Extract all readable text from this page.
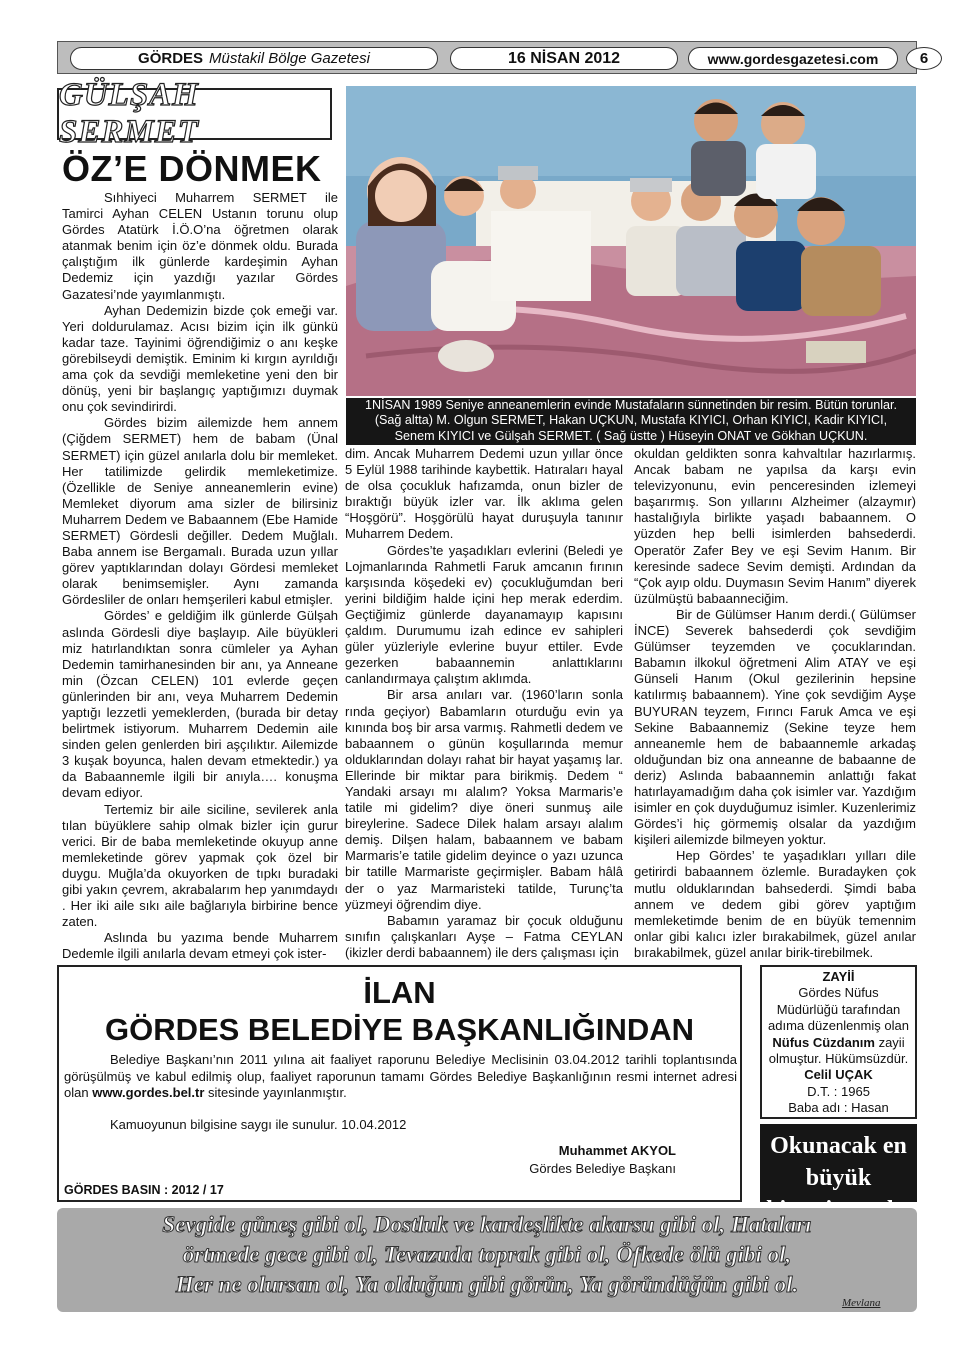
GÖRDES Müstakil Bölge Gazetesi	16 NİSAN 2012	www.gordesgazetesi.com	6
GÜLŞAH SERMET
ÖZ’E DÖNMEK

Sıhhiyeci Muharrem SERMET ile Tamirci Ayhan CELEN Ustanın torunu olup Gördes Atatürk İ.Ö.O’na öğretmen olarak atanmak benim için öz’e dönmek oldu. Burada çalıştığım ilk günlerde kardeşimin Ayhan Dedemiz için yazdığı yazılar Gördes Gazatesi’nde yayımlanmıştı.

Ayhan Dedemizin bizde çok emeği var. Yeri doldurulamaz. Acısı bizim için ilk günkü kadar taze. Tayinimi öğrendiğimiz o anı keşke görebilseydi demiştik. Eminim ki kırgın ayrıldığı ama çok da sevdiği memleketine yeni den bir dönüş, yeni bir başlangıç yaptığımızı duymak onu çok sevindirirdi.

Gördes bizim ailemizde hem annem (Çiğdem SERMET) hem de babam (Ünal SERMET) için güzel anılarla dolu bir memleket. Her tatilimizde gelirdik memleketimize. (Özellikle de Seniye anneanemlerin evine) Memleket diyorum ama sizler de bilirsiniz Muharrem Dedem ve Babaannem (Ebe Hamide SERMET) Gördesli değiller. Dedem Muğlalı. Baba annem ise Bergamalı. Burada uzun yıllar görev yaptıklarından dolayı Gördesi memleket olarak benimsemişler. Aynı zamanda Gördesliler de onları hemşerileri kabul etmişler.

Gördes’ e geldiğim ilk günlerde Gülşah aslında Gördesli diye başlayıp. Aile büyükleri miz hatırlandıktan sonra cümleler ya Ayhan Dedemin tamirhanesinden bir anı, ya Anneane min (Özcan CELEN) 101 evlerde geçen günlerinden bir anı, veya Muharrem Dedemin yaptığı lezzetli yemeklerden, (burada bir detay belirtmek istiyorum. Muharrem Dedemin aile sinden gelen genlerden biri aşçılıktır. Ailemizde 3 kuşak boyunca, halen devam etmektedir.) ya da Babaannemle ilgili bir anıyla…. konuşma devam ediyor.

Tertemiz bir aile siciline, sevilerek anla tılan büyüklere sahip olmak bizler için gurur verici. Bir de baba memleketinde okuyup anne memleketinde görev yapmak çok özel bir duygu. Muğla’da okuyorken de tıpkı buradaki gibi yakın çevrem, akrabalarım hep yanımdaydı . Her iki aile sıkı aile bağlarıyla birbirine bence zaten.

Aslında bu yazıma bende Muharrem Dedemle ilgili anılarla devam etmeyi çok ister-

1NİSAN 1989 Seniye anneanemlerin evinde Mustafaların sünnetinden bir resim. Bütün torunlar.
(Sağ altta) M. Olgun SERMET, Hakan UÇKUN, Mustafa KIYICI, Orhan KIYICI, Kadir KIYICI,
Senem KIYICI ve Gülşah SERMET. ( Sağ üstte ) Hüseyin ONAT ve Gökhan UÇKUN.

dim. Ancak Muharrem Dedemi uzun yıllar önce 5 Eylül 1988 tarihinde kaybettik. Hatıraları hayal de olsa çocukluk hafızamda, onun bizler de bıraktığı büyük izler var. İlk aklıma gelen “Hoşgörü”. Hoşgörülü hayat duruşuyla tanınır Muharrem Dedem.

Gördes’te yaşadıkları evlerini (Beledi ye Lojmanlarında Rahmetli Faruk amcanın fırının karşısında köşedeki ev) çocukluğumdan beri yerini bildiğim halde içini hep merak ederdim. Geçtiğimiz günlerde dayanamayıp kapısını çaldım. Durumumu izah edince ev sahipleri güler yüzleriyle evlerine buyur ettiler. Evde gezerken babaannemin anlattıklarını canlandırmaya çalıştım aklımda.

Bir arsa anıları var. (1960’ların sonla rında geçiyor) Babamların oturduğu evin ya kınında boş bir arsa varmış. Rahmetli dedem ve babaannem o günün koşullarında memur olduklarından dolayı rahat bir hayat yaşamış lar. Ellerinde bir miktar para birikmiş. Dedem “ Yandaki arsayı mı alalım? Yoksa Marmaris’e tatile mi gidelim? diye öneri sunmuş aile bireylerine. Sadece Dilek halam arsayı alalım demiş. Dilşen halam, babaannem ve babam Marmaris’e tatile gidelim deyince o yazı uzunca bir tatille Marmariste geçirmişler. Babam hâlâ der o yaz Marmaristeki tatilde, Turunç’ta yüzmeyi öğrendim diye.

Babamın yaramaz bir çocuk olduğunu sınıfın çalışkanları Ayşe – Fatma CEYLAN (ikizler derdi babaannem) ile ders çalışması için

okuldan geldikten sonra kahvaltılar hazırlarmış. Ancak babam ne yapılsa da karşı evin televizyonunu, evin penceresinden izlemeyi başarırmış. Son yıllarını Alzheimer (alzaymır) hastalığıyla birlikte yaşadı babaannem. O yüzden hep belli isimlerden bahsederdi. Operatör Zafer Bey ve eşi Sevim Hanım. Bir keresinde sadece Sevim demişti. Ardından da “Çok ayıp oldu. Duymasın Sevim Hanım” diyerek üzülmüştü babaanneciğim.

Bir de Gülümser Hanım derdi.( Gülümser İNCE) Severek bahsederdi çok sevdiğim Gülümser teyzemden ve çocuklarından. Babamın ilkokul öğretmeni Alim ATAY ve eşi Günseli Hanım (Okul gezilerinin hepsine katılırmış babaannem). Yine çok sevdiğim Ayşe BUYURAN teyzem, Fırıncı Faruk Amca ve eşi Sekine Babaannemiz (Sekine teyze hem anneanemle hem de babaannemle arkadaş olduğundan biz ona anneanne de babaanne de deriz) Aslında babaannemin anlattığı fakat hatırlayamadığım daha çok isimler var. Yazdığım isimler en çok duyduğumuz isimler. Kuzenlerimiz Gördes’i hiç görmemiş olsalar da yazdığım kişileri ailemizde bilmeyen yoktur.

Hep Gördes’ te yaşadıkları yılları dile getirirdi babaannem özlemle. Buradayken çok mutlu olduklarından bahsederdi. Şimdi baba annem ve dedem gibi görev yaptığım memleketimde benim de en büyük temennim onlar gibi kalıcı izler bırakabilmek, güzel anılar bırakabilmek, güzel anılar birik-tirebilmek.

İLAN
GÖRDES BELEDİYE BAŞKANLIĞINDAN
Belediye Başkanı’nın 2011 yılına ait faaliyet raporunu Belediye Meclisinin 03.04.2012 tarihli toplantısında görüşülmüş ve kabul edilmiş olup, faaliyet raporunun tamamı Gördes Belediye Başkanlığının resmi internet adresi olan www.gordes.bel.tr sitesinde yayınlanmıştır.
Kamuoyunun bilgisine saygı ile sunulur. 10.04.2012
Muhammet AKYOL
Gördes Belediye Başkanı
GÖRDES BASIN : 2012 / 17
ZAYİİ
Gördes Nüfus
Müdürlüğü tarafından
adıma düzenlenmiş olan
Nüfus Cüzdanım zayii
olmuştur. Hükümsüzdür.
Celil UÇAK
D.T. : 1965
Baba adı : Hasan
Okunacak en büyük
Sevgide güneş gibi ol, Dostluk ve kardeşlikte akarsu gibi ol, Hataları
örtmede gece gibi ol, Tevazuda toprak gibi ol, Öfkede ölü gibi ol,
Her ne olursan ol, Ya olduğun gibi görün, Ya göründüğün gibi ol.
Mevlana
